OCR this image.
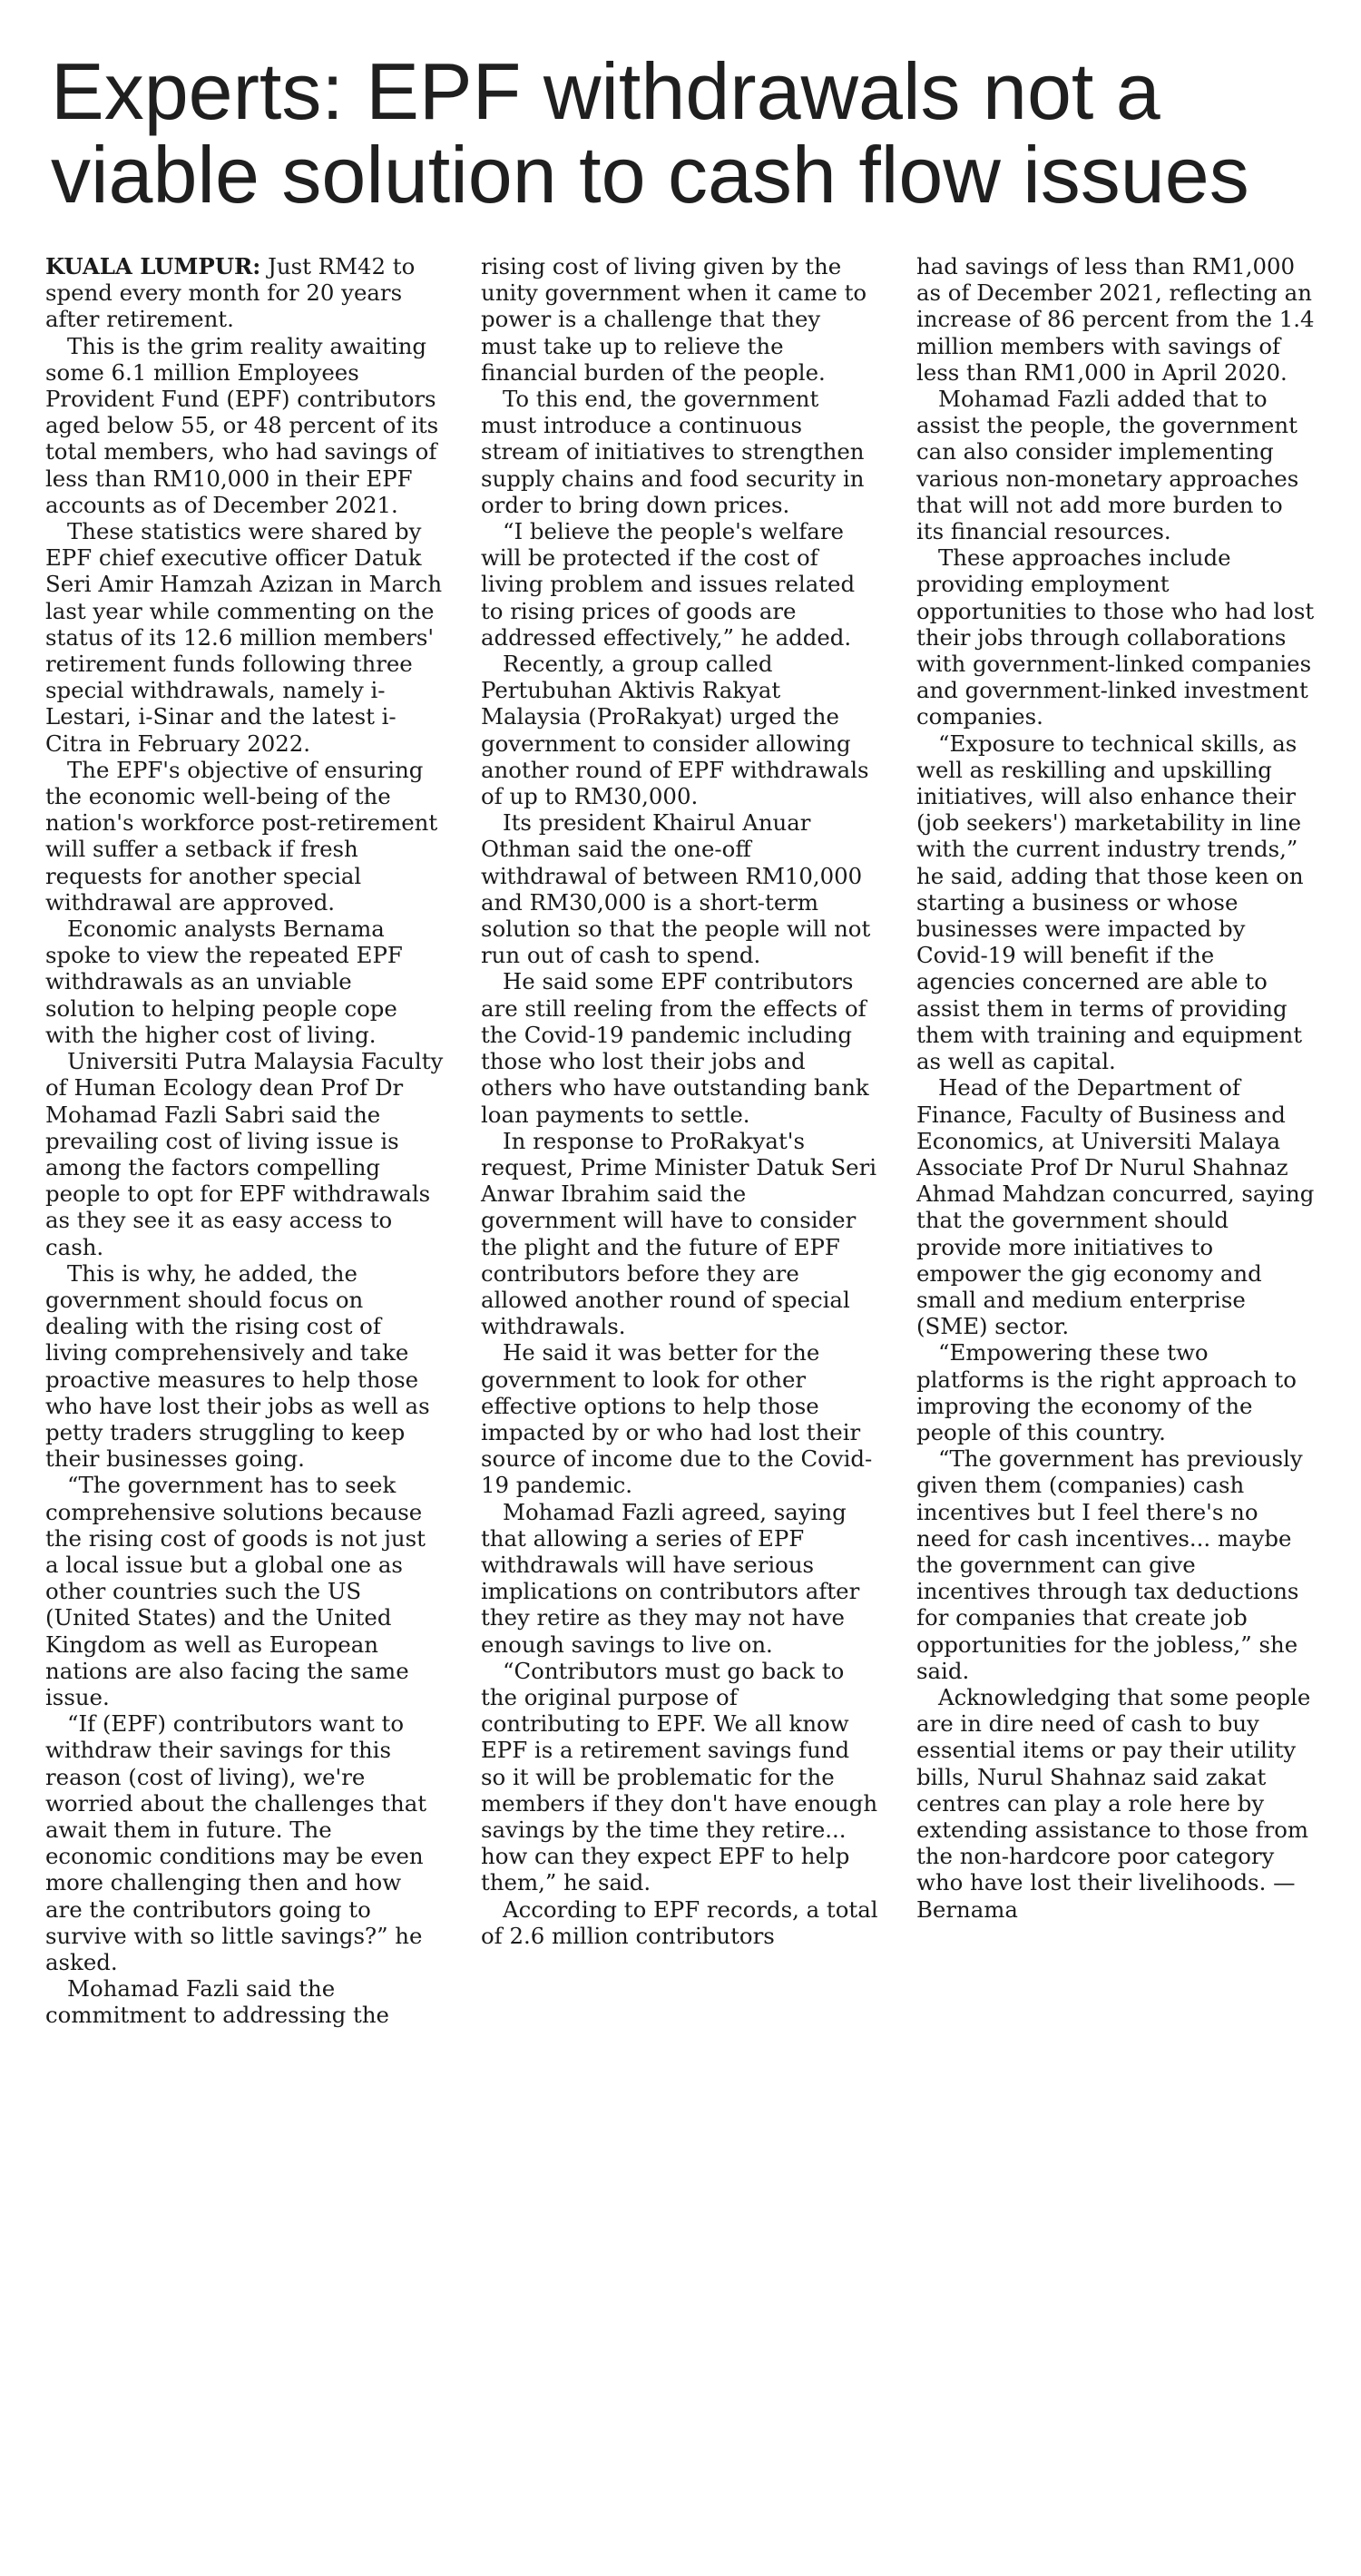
Experts: EPF withdrawals not a viable solution to cash flow issues

KUALA LUMPUR: Just RM42 to spend every month for 20 years after retirement.

This is the grim reality awaiting some 6.1 million Employees Provident Fund (EPF) contributors aged below 55, or 48 percent of its total members, who had savings of less than RM10,000 in their EPF accounts as of December 2021.

These statistics were shared by EPF chief executive officer Datuk Seri Amir Hamzah Azizan in March last year while commenting on the status of its 12.6 million members' retirement funds following three special withdrawals, namely i-Lestari, i-Sinar and the latest i-Citra in February 2022.

The EPF's objective of ensuring the economic well-being of the nation's workforce post-retirement will suffer a setback if fresh requests for another special withdrawal are approved.

Economic analysts Bernama spoke to view the repeated EPF withdrawals as an unviable solution to helping people cope with the higher cost of living.

Universiti Putra Malaysia Faculty of Human Ecology dean Prof Dr Mohamad Fazli Sabri said the prevailing cost of living issue is among the factors compelling people to opt for EPF withdrawals as they see it as easy access to cash.

This is why, he added, the government should focus on dealing with the rising cost of living comprehensively and take proactive measures to help those who have lost their jobs as well as petty traders struggling to keep their businesses going.

“The government has to seek comprehensive solutions because the rising cost of goods is not just a local issue but a global one as other countries such the US (United States) and the United Kingdom as well as European nations are also facing the same issue.

“If (EPF) contributors want to withdraw their savings for this reason (cost of living), we're worried about the challenges that await them in future. The economic conditions may be even more challenging then and how are the contributors going to survive with so little savings?” he asked.

Mohamad Fazli said the commitment to addressing the

rising cost of living given by the unity government when it came to power is a challenge that they must take up to relieve the financial burden of the people.

To this end, the government must introduce a continuous stream of initiatives to strengthen supply chains and food security in order to bring down prices.

“I believe the people's welfare will be protected if the cost of living problem and issues related to rising prices of goods are addressed effectively,” he added.

Recently, a group called Pertubuhan Aktivis Rakyat Malaysia (ProRakyat) urged the government to consider allowing another round of EPF withdrawals of up to RM30,000.

Its president Khairul Anuar Othman said the one-off withdrawal of between RM10,000 and RM30,000 is a short-term solution so that the people will not run out of cash to spend.

He said some EPF contributors are still reeling from the effects of the Covid-19 pandemic including those who lost their jobs and others who have outstanding bank loan payments to settle.

In response to ProRakyat's request, Prime Minister Datuk Seri Anwar Ibrahim said the government will have to consider the plight and the future of EPF contributors before they are allowed another round of special withdrawals.

He said it was better for the government to look for other effective options to help those impacted by or who had lost their source of income due to the Covid-19 pandemic.

Mohamad Fazli agreed, saying that allowing a series of EPF withdrawals will have serious implications on contributors after they retire as they may not have enough savings to live on.

“Contributors must go back to the original purpose of contributing to EPF. We all know EPF is a retirement savings fund so it will be problematic for the members if they don't have enough savings by the time they retire... how can they expect EPF to help them,” he said.

According to EPF records, a total of 2.6 million contributors

had savings of less than RM1,000 as of December 2021, reflecting an increase of 86 percent from the 1.4 million members with savings of less than RM1,000 in April 2020.

Mohamad Fazli added that to assist the people, the government can also consider implementing various non-monetary approaches that will not add more burden to its financial resources.

These approaches include providing employment opportunities to those who had lost their jobs through collaborations with government-linked companies and government-linked investment companies.

“Exposure to technical skills, as well as reskilling and upskilling initiatives, will also enhance their (job seekers') marketability in line with the current industry trends,” he said, adding that those keen on starting a business or whose businesses were impacted by Covid-19 will benefit if the agencies concerned are able to assist them in terms of providing them with training and equipment as well as capital.

Head of the Department of Finance, Faculty of Business and Economics, at Universiti Malaya Associate Prof Dr Nurul Shahnaz Ahmad Mahdzan concurred, saying that the government should provide more initiatives to empower the gig economy and small and medium enterprise (SME) sector.

“Empowering these two platforms is the right approach to improving the economy of the people of this country.

“The government has previously given them (companies) cash incentives but I feel there's no need for cash incentives... maybe the government can give incentives through tax deductions for companies that create job opportunities for the jobless,” she said.

Acknowledging that some people are in dire need of cash to buy essential items or pay their utility bills, Nurul Shahnaz said zakat centres can play a role here by extending assistance to those from the non-hardcore poor category who have lost their livelihoods. — Bernama
